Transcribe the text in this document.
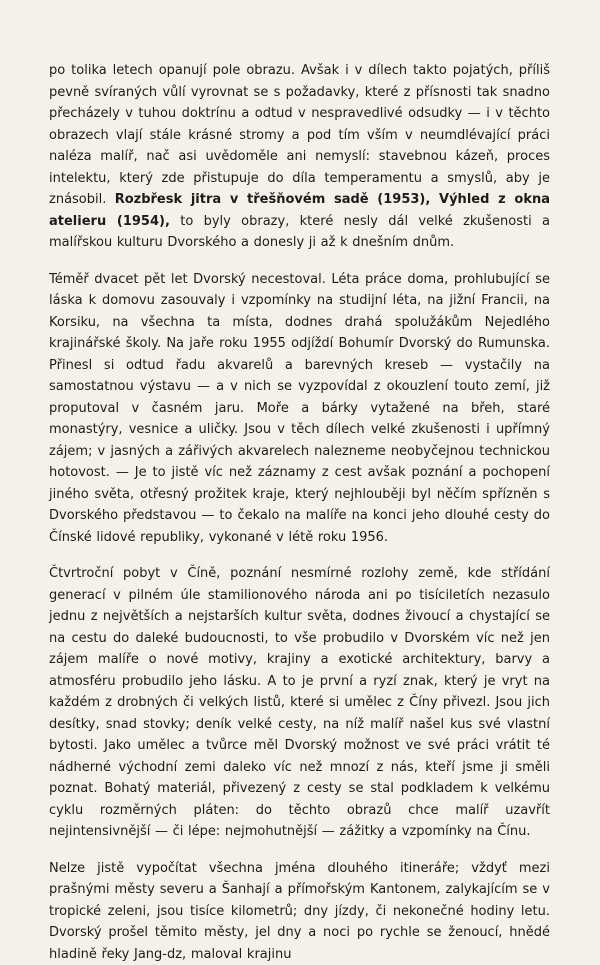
po tolika letech opanují pole obrazu. Avšak i v dílech takto pojatých, příliš pevně svíraných vůlí vyrovnat se s požadavky, které z přísnosti tak snadno přecházely v tuhou doktrínu a odtud v nespravedlivé odsudky — i v těchto obrazech vlají stále krásné stromy a pod tím vším v neumdlévající práci naléza malíř, nač asi uvědoměle ani nemyslí: stavebnou kázeň, proces intelektu, který zde přistupuje do díla temperamentu a smyslů, aby je znásobil. Rozbřesk jitra v třešňovém sadě (1953), Výhled z okna atelieru (1954), to byly obrazy, které nesly dál velké zkušenosti a malířskou kulturu Dvorského a donesly ji až k dnešním dnům.

Téměř dvacet pět let Dvorský necestoval. Léta práce doma, prohlubující se láska k domovu zasouvaly i vzpomínky na studijní léta, na jižní Francii, na Korsiku, na všechna ta místa, dodnes drahá spolužákům Nejedlého krajinářské školy. Na jaře roku 1955 odjíždí Bohumír Dvorský do Rumunska. Přinesl si odtud řadu akvarelů a barevných kreseb — vystačily na samostatnou výstavu — a v nich se vyzpovídal z okouzlení touto zemí, již proputoval v časném jaru. Moře a bárky vytažené na břeh, staré monastýry, vesnice a uličky. Jsou v těch dílech velké zkušenosti i upřímný zájem; v jasných a zářivých akvarelech nalezneme neobyčejnou technickou hotovost. — Je to jistě víc než záznamy z cest avšak poznání a pochopení jiného světa, otřesný prožitek kraje, který nejhlouběji byl něčím spřízněn s Dvorského představou — to čekalo na malíře na konci jeho dlouhé cesty do Čínské lidové republiky, vykonané v létě roku 1956.

Čtvrtroční pobyt v Číně, poznání nesmírné rozlohy země, kde střídání generací v pilném úle stamilionového národa ani po tisíciletích nezasulo jednu z největších a nejstarších kultur světa, dodnes živoucí a chystající se na cestu do daleké budoucnosti, to vše probudilo v Dvorském víc než jen zájem malíře o nové motivy, krajiny a exotické architektury, barvy a atmosféru probudilo jeho lásku. A to je první a ryzí znak, který je vryt na každém z drobných či velkých listů, které si umělec z Číny přivezl. Jsou jich desítky, snad stovky; deník velké cesty, na níž malíř našel kus své vlastní bytosti. Jako umělec a tvůrce měl Dvorský možnost ve své práci vrátit té nádherné východní zemi daleko víc než mnozí z nás, kteří jsme ji směli poznat. Bohatý materiál, přivezený z cesty se stal podkladem k velkému cyklu rozměrných pláten: do těchto obrazů chce malíř uzavřít nejintensivnější — či lépe: nejmohutnější — zážitky a vzpomínky na Čínu.

Nelze jistě vypočítat všechna jména dlouhého itineráře; vždyť mezi prašnými městy severu a Šanhají a přímořským Kantonem, zalykajícím se v tropické zeleni, jsou tisíce kilometrů; dny jízdy, či nekonečné hodiny letu. Dvorský prošel těmito městy, jel dny a noci po rychle se ženoucí, hnědé hladině řeky Jang-dz, maloval krajinu
